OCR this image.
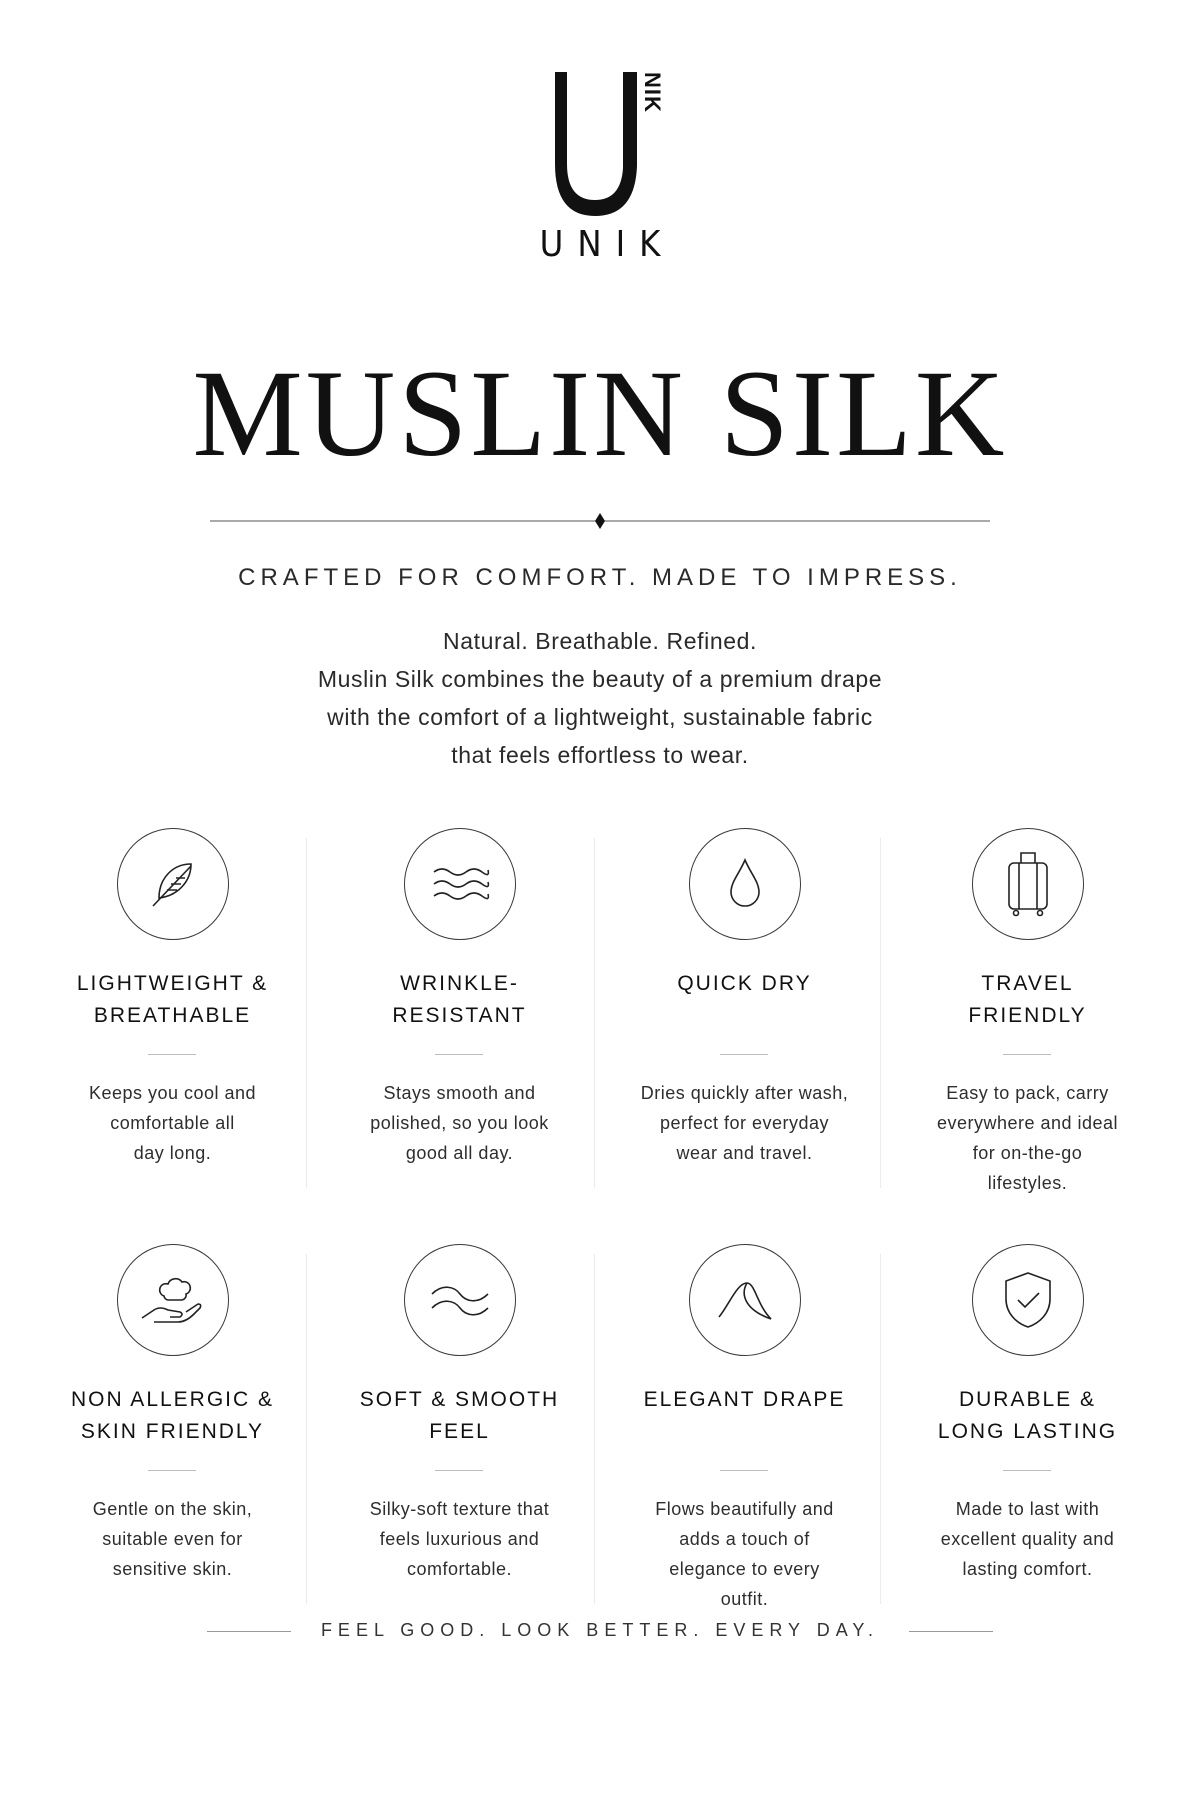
NIK
UNIK
MUSLIN SILK
CRAFTED FOR COMFORT. MADE TO IMPRESS.
Natural. Breathable. Refined.
Muslin Silk combines the beauty of a premium drape
with the comfort of a lightweight, sustainable fabric
that feels effortless to wear.
LIGHTWEIGHT &
BREATHABLE

Keeps you cool and
comfortable all
day long.

WRINKLE-
RESISTANT

Stays smooth and
polished, so you look
good all day.

QUICK DRY

Dries quickly after wash,
perfect for everyday
wear and travel.

TRAVEL
FRIENDLY

Easy to pack, carry
everywhere and ideal
for on-the-go
lifestyles.

NON ALLERGIC &
SKIN FRIENDLY

Gentle on the skin,
suitable even for
sensitive skin.

SOFT & SMOOTH
FEEL

Silky-soft texture that
feels luxurious and
comfortable.

ELEGANT DRAPE

Flows beautifully and
adds a touch of
elegance to every
outfit.

DURABLE &
LONG LASTING

Made to last with
excellent quality and
lasting comfort.

FEEL GOOD. LOOK BETTER. EVERY DAY.
